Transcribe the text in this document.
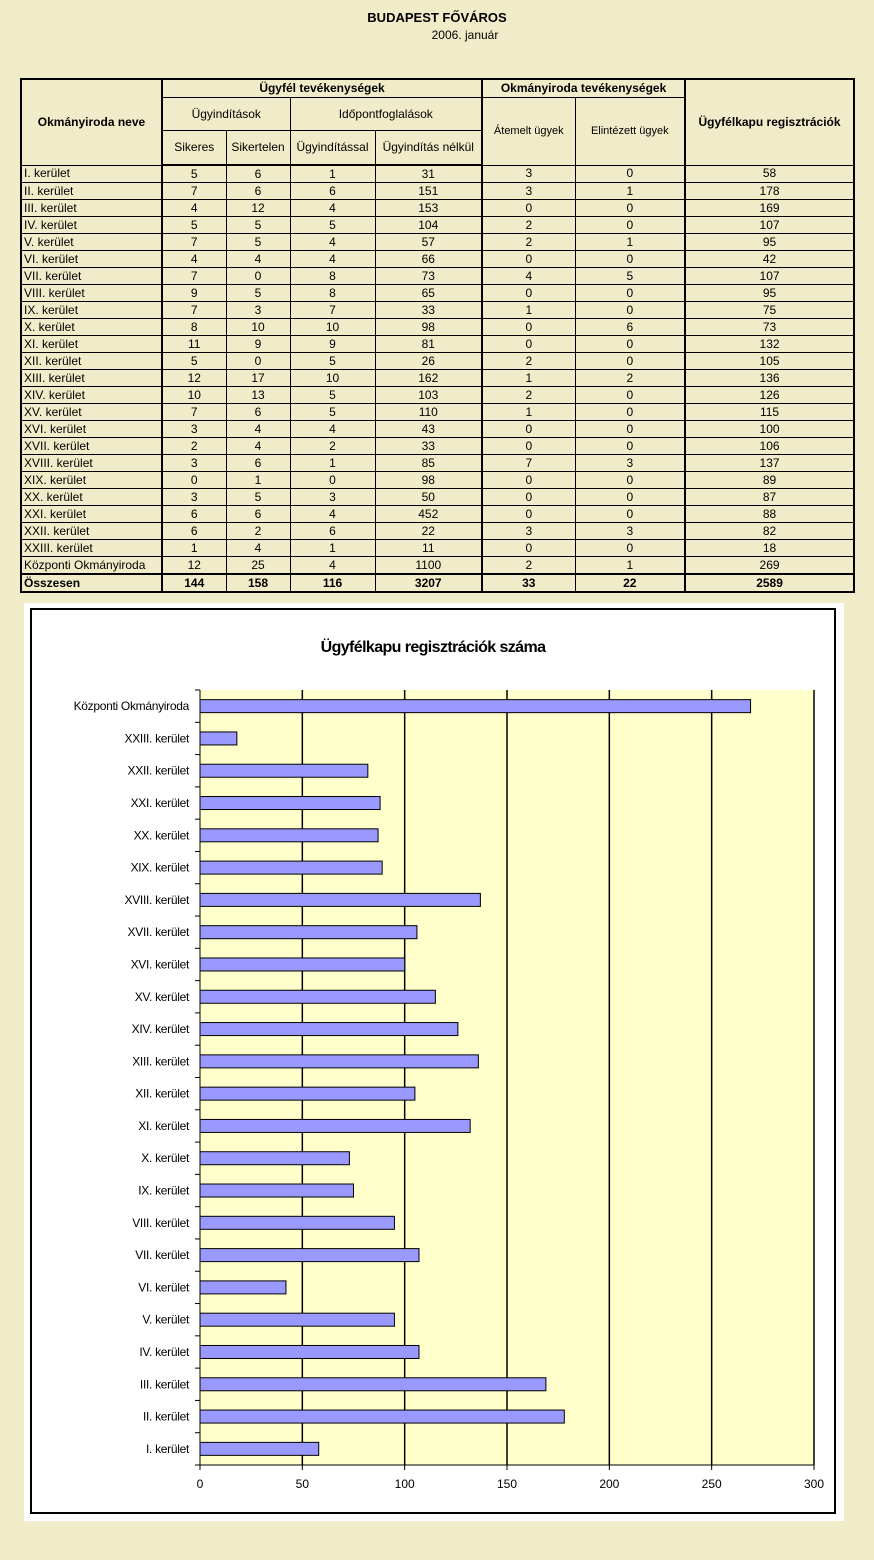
BUDAPEST FŐVÁROS
2006. január
Okmányiroda neve	Ügyfél tevékenységek				Okmányiroda tevékenységek		Ügyfélkapu regisztrációk
	Ügyindítások		Időpontfoglalások		Átemelt ügyek	Elintézett ügyek	
	Sikeres	Sikertelen	Ügyindítással	Ügyindítás nélkül			
I. kerület	5	6	1	31	3	0	58
II. kerület	7	6	6	151	3	1	178
III. kerület	4	12	4	153	0	0	169
IV. kerület	5	5	5	104	2	0	107
V. kerület	7	5	4	57	2	1	95
VI. kerület	4	4	4	66	0	0	42
VII. kerület	7	0	8	73	4	5	107
VIII. kerület	9	5	8	65	0	0	95
IX. kerület	7	3	7	33	1	0	75
X. kerület	8	10	10	98	0	6	73
XI. kerület	11	9	9	81	0	0	132
XII. kerület	5	0	5	26	2	0	105
XIII. kerület	12	17	10	162	1	2	136
XIV. kerület	10	13	5	103	2	0	126
XV. kerület	7	6	5	110	1	0	115
XVI. kerület	3	4	4	43	0	0	100
XVII. kerület	2	4	2	33	0	0	106
XVIII. kerület	3	6	1	85	7	3	137
XIX. kerület	0	1	0	98	0	0	89
XX. kerület	3	5	3	50	0	0	87
XXI. kerület	6	6	4	452	0	0	88
XXII. kerület	6	2	6	22	3	3	82
XXIII. kerület	1	4	1	11	0	0	18
Központi Okmányiroda	12	25	4	1100	2	1	269
Összesen	144	158	116	3207	33	22	2589
Ügyfélkapu regisztrációk száma
0	50	100	150	200	250	300
I. kerület
II. kerület
III. kerület
IV. kerület
V. kerület
VI. kerület
VII. kerület
VIII. kerület
IX. kerület
X. kerület
XI. kerület
XII. kerület
XIII. kerület
XIV. kerület
XV. kerület
XVI. kerület
XVII. kerület
XVIII. kerület
XIX. kerület
XX. kerület
XXI. kerület
XXII. kerület
XXIII. kerület
Központi Okmányiroda
